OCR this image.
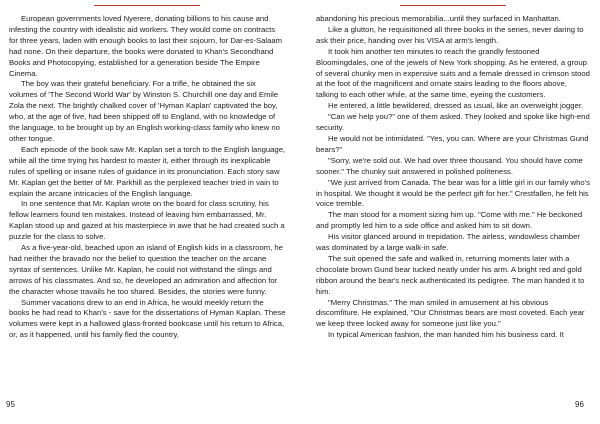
European governments loved Nyerere, donating billions to his cause and infesting the country with idealistic aid workers. They would come on contracts for three years, laden with enough books to last their sojourn, for Dar-es-Salaam had none. On their departure, the books were donated to Khan's Secondhand Books and Photocopying, established for a generation beside The Empire Cinema.

The boy was their grateful beneficiary. For a trifle, he obtained the six volumes of 'The Second World War' by Winston S. Churchill one day and Emile Zola the next. The brightly chalked cover of 'Hyman Kaplan' captivated the boy, who, at the age of five, had been shipped off to England, with no knowledge of the language, to be brought up by an English working-class family who knew no other tongue.

Each episode of the book saw Mr. Kaplan set a torch to the English language, while all the time trying his hardest to master it, either through its inexplicable rules of spelling or insane rules of guidance in its pronunciation. Each story saw Mr. Kaplan get the better of Mr. Parkhill as the perplexed teacher tried in vain to explain the arcane intricacies of the English language.

In one sentence that Mr. Kaplan wrote on the board for class scrutiny, his fellow learners found ten mistakes. Instead of leaving him embarrassed, Mr. Kaplan stood up and gazed at his masterpiece in awe that he had created such a puzzle for the class to solve.

As a five-year-old, beached upon an island of English kids in a classroom, he had neither the bravado nor the belief to question the teacher on the arcane syntax of sentences. Unlike Mr. Kaplan, he could not withstand the slings and arrows of his classmates. And so, he developed an admiration and affection for the character whose travails he too shared. Besides, the stories were funny.

Summer vacations drew to an end in Africa, he would meekly return the books he had read to Khan's - save for the dissertations of Hyman Kaplan. These volumes were kept in a hallowed glass-fronted bookcase until his return to Africa, or, as it happened, until his family fled the country,

abandoning his precious memorabilia...until they surfaced in Manhattan.

Like a glutton, he requisitioned all three books in the series, never daring to ask their price, handing over his VISA at arm's length.

It took him another ten minutes to reach the grandly festooned Bloomingdales, one of the jewels of New York shopping. As he entered, a group of several chunky men in expensive suits and a female dressed in crimson stood at the foot of the magnificent and ornate stairs leading to the floors above, talking to each other while, at the same time, eyeing the customers.

He entered, a little bewildered, dressed as usual, like an overweight jogger.

"Can we help you?" one of them asked. They looked and spoke like high-end security.

He would not be intimidated. "Yes, you can. Where are your Christmas Gund bears?"

"Sorry, we're sold out. We had over three thousand. You should have come sooner." The chunky suit answered in polished politeness.

"We just arrived from Canada. The bear was for a little girl in our family who's in hospital. We thought it would be the perfect gift for her." Crestfallen, he felt his voice tremble.

The man stood for a moment sizing him up. "Come with me." He beckoned and promptly led him to a side office and asked him to sit down.

His visitor glanced around in trepidation. The airless, windowless chamber was dominated by a large walk-in safe.

The suit opened the safe and walked in, returning moments later with a chocolate brown Gund bear tucked neatly under his arm. A bright red and gold ribbon around the bear's neck authenticated its pedigree. The man handed it to him.

"Merry Christmas." The man smiled in amusement at his obvious discomfiture. He explained, "Our Christmas bears are most coveted. Each year we keep three locked away for someone just like you."

In typical American fashion, the man handed him his business card. It

95	96
